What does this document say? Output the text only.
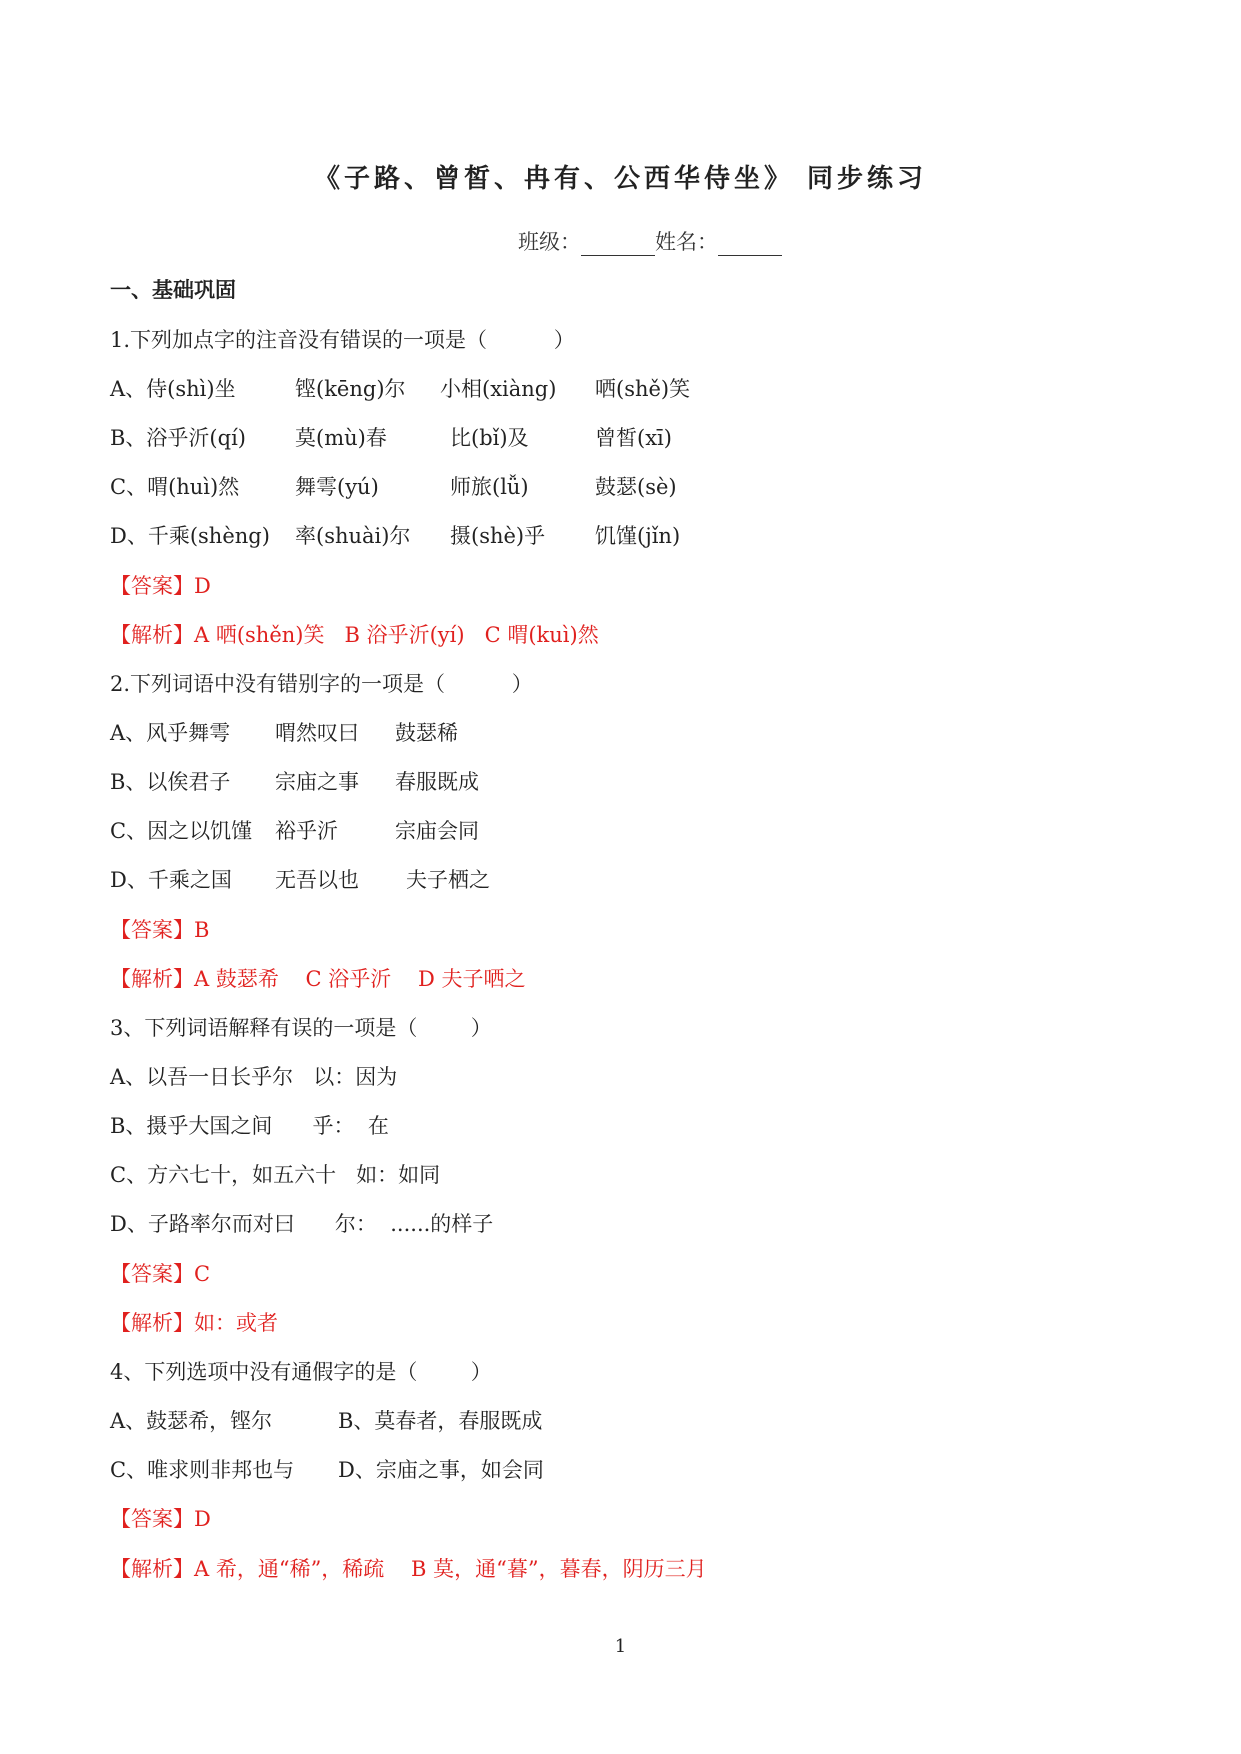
《子路、曾皙、冉有、公西华侍坐》 同步练习
班级：	姓名：
一、基础巩固
1.下列加点字的注音没有错误的一项是（          ）
A、侍(shì)坐	铿(kēng)尔 小相(xiàng) 哂(shě)笑
B、浴乎沂(qí) 莫(mù)春	比(bǐ)及	曾皙(xī)
C、喟(huì)然	舞雩(yú)	师旅(lǚ)	鼓瑟(sè)
D、千乘(shèng) 率(shuài)尔 摄(shè)乎 饥馑(jǐn)
【答案】D
【解析】A 哂(shěn)笑   B 浴乎沂(yí)   C 喟(kuì)然
2.下列词语中没有错别字的一项是（          ）
A、风乎舞雩 喟然叹曰 鼓瑟稀
B、以俟君子 宗庙之事 春服既成
C、因之以饥馑 裕乎沂	宗庙会同
D、千乘之国 无吾以也 夫子栖之
【答案】B
【解析】A 鼓瑟希    C 浴乎沂    D 夫子哂之
3、下列词语解释有误的一项是（        ）
A、以吾一日长乎尔   以：因为
B、摄乎大国之间      乎：  在
C、方六七十，如五六十   如：如同
D、子路率尔而对曰      尔：  ......的样子
【答案】C
【解析】如：或者
4、下列选项中没有通假字的是（        ）
A、鼓瑟希，铿尔	B、莫春者，春服既成
C、唯求则非邦也与 D、宗庙之事，如会同
【答案】D
【解析】A 希，通“稀”，稀疏    B 莫，通“暮”，暮春，阴历三月
1
